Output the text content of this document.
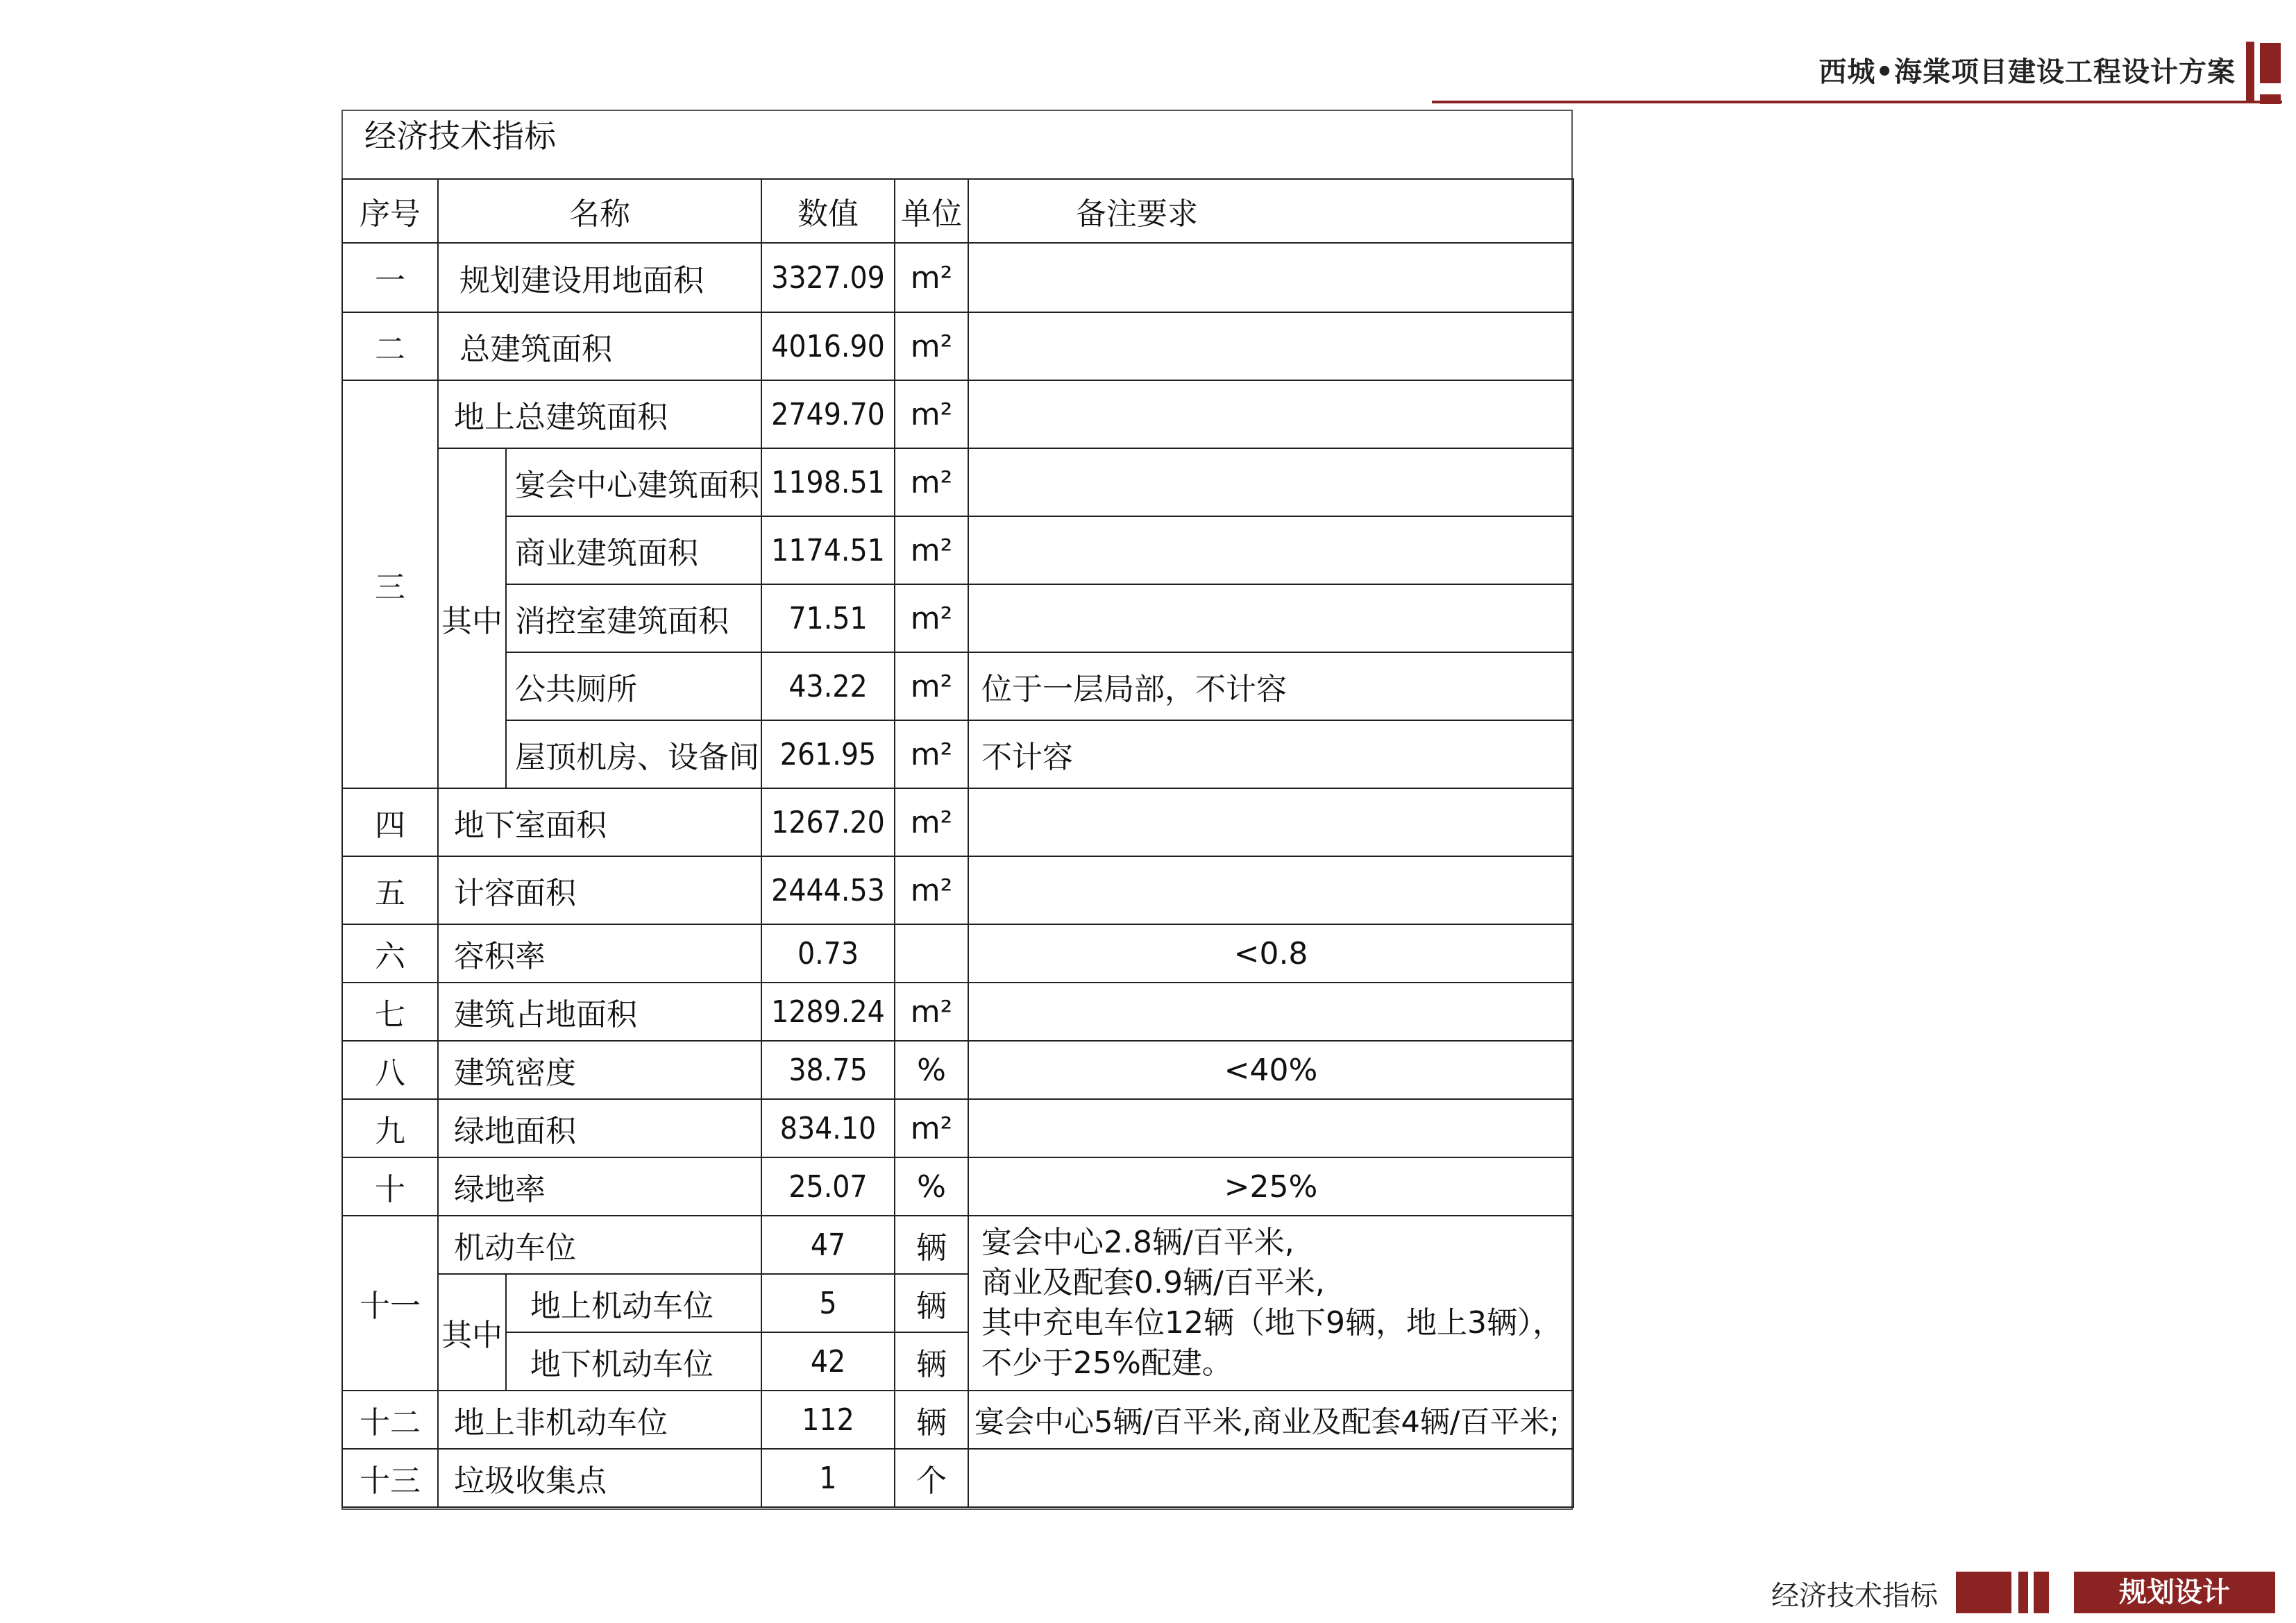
西城•海棠项目建设工程设计方案
经济技术指标
序号	名称		数值	单位	备注要求
一	规划建设用地面积		3327.09	m²	
二	总建筑面积		4016.90	m²	
三	地上总建筑面积		2749.70	m²	
	其中	宴会中心建筑面积	1198.51	m²	
		商业建筑面积	1174.51	m²	
		消控室建筑面积	71.51	m²	
		公共厕所	43.22	m²	位于一层局部，不计容
		屋顶机房、设备间	261.95	m²	不计容
四	地下室面积		1267.20	m²	
五	计容面积		2444.53	m²	
六	容积率		0.73		<0.8
七	建筑占地面积		1289.24	m²	
八	建筑密度		38.75	%	<40%
九	绿地面积		834.10	m²	
十	绿地率		25.07	%	>25%
十一	机动车位		47	辆	宴会中心2.8辆/百平米,
商业及配套0.9辆/百平米,
其中充电车位12辆（地下9辆，地上3辆），
不少于25%配建。

	其中	地上机动车位	5	辆	
		地下机动车位	42	辆	
十二	地上非机动车位		112	辆	宴会中心5辆/百平米,商业及配套4辆/百平米;
十三	垃圾收集点		1	个	
经济技术指标	规划设计
